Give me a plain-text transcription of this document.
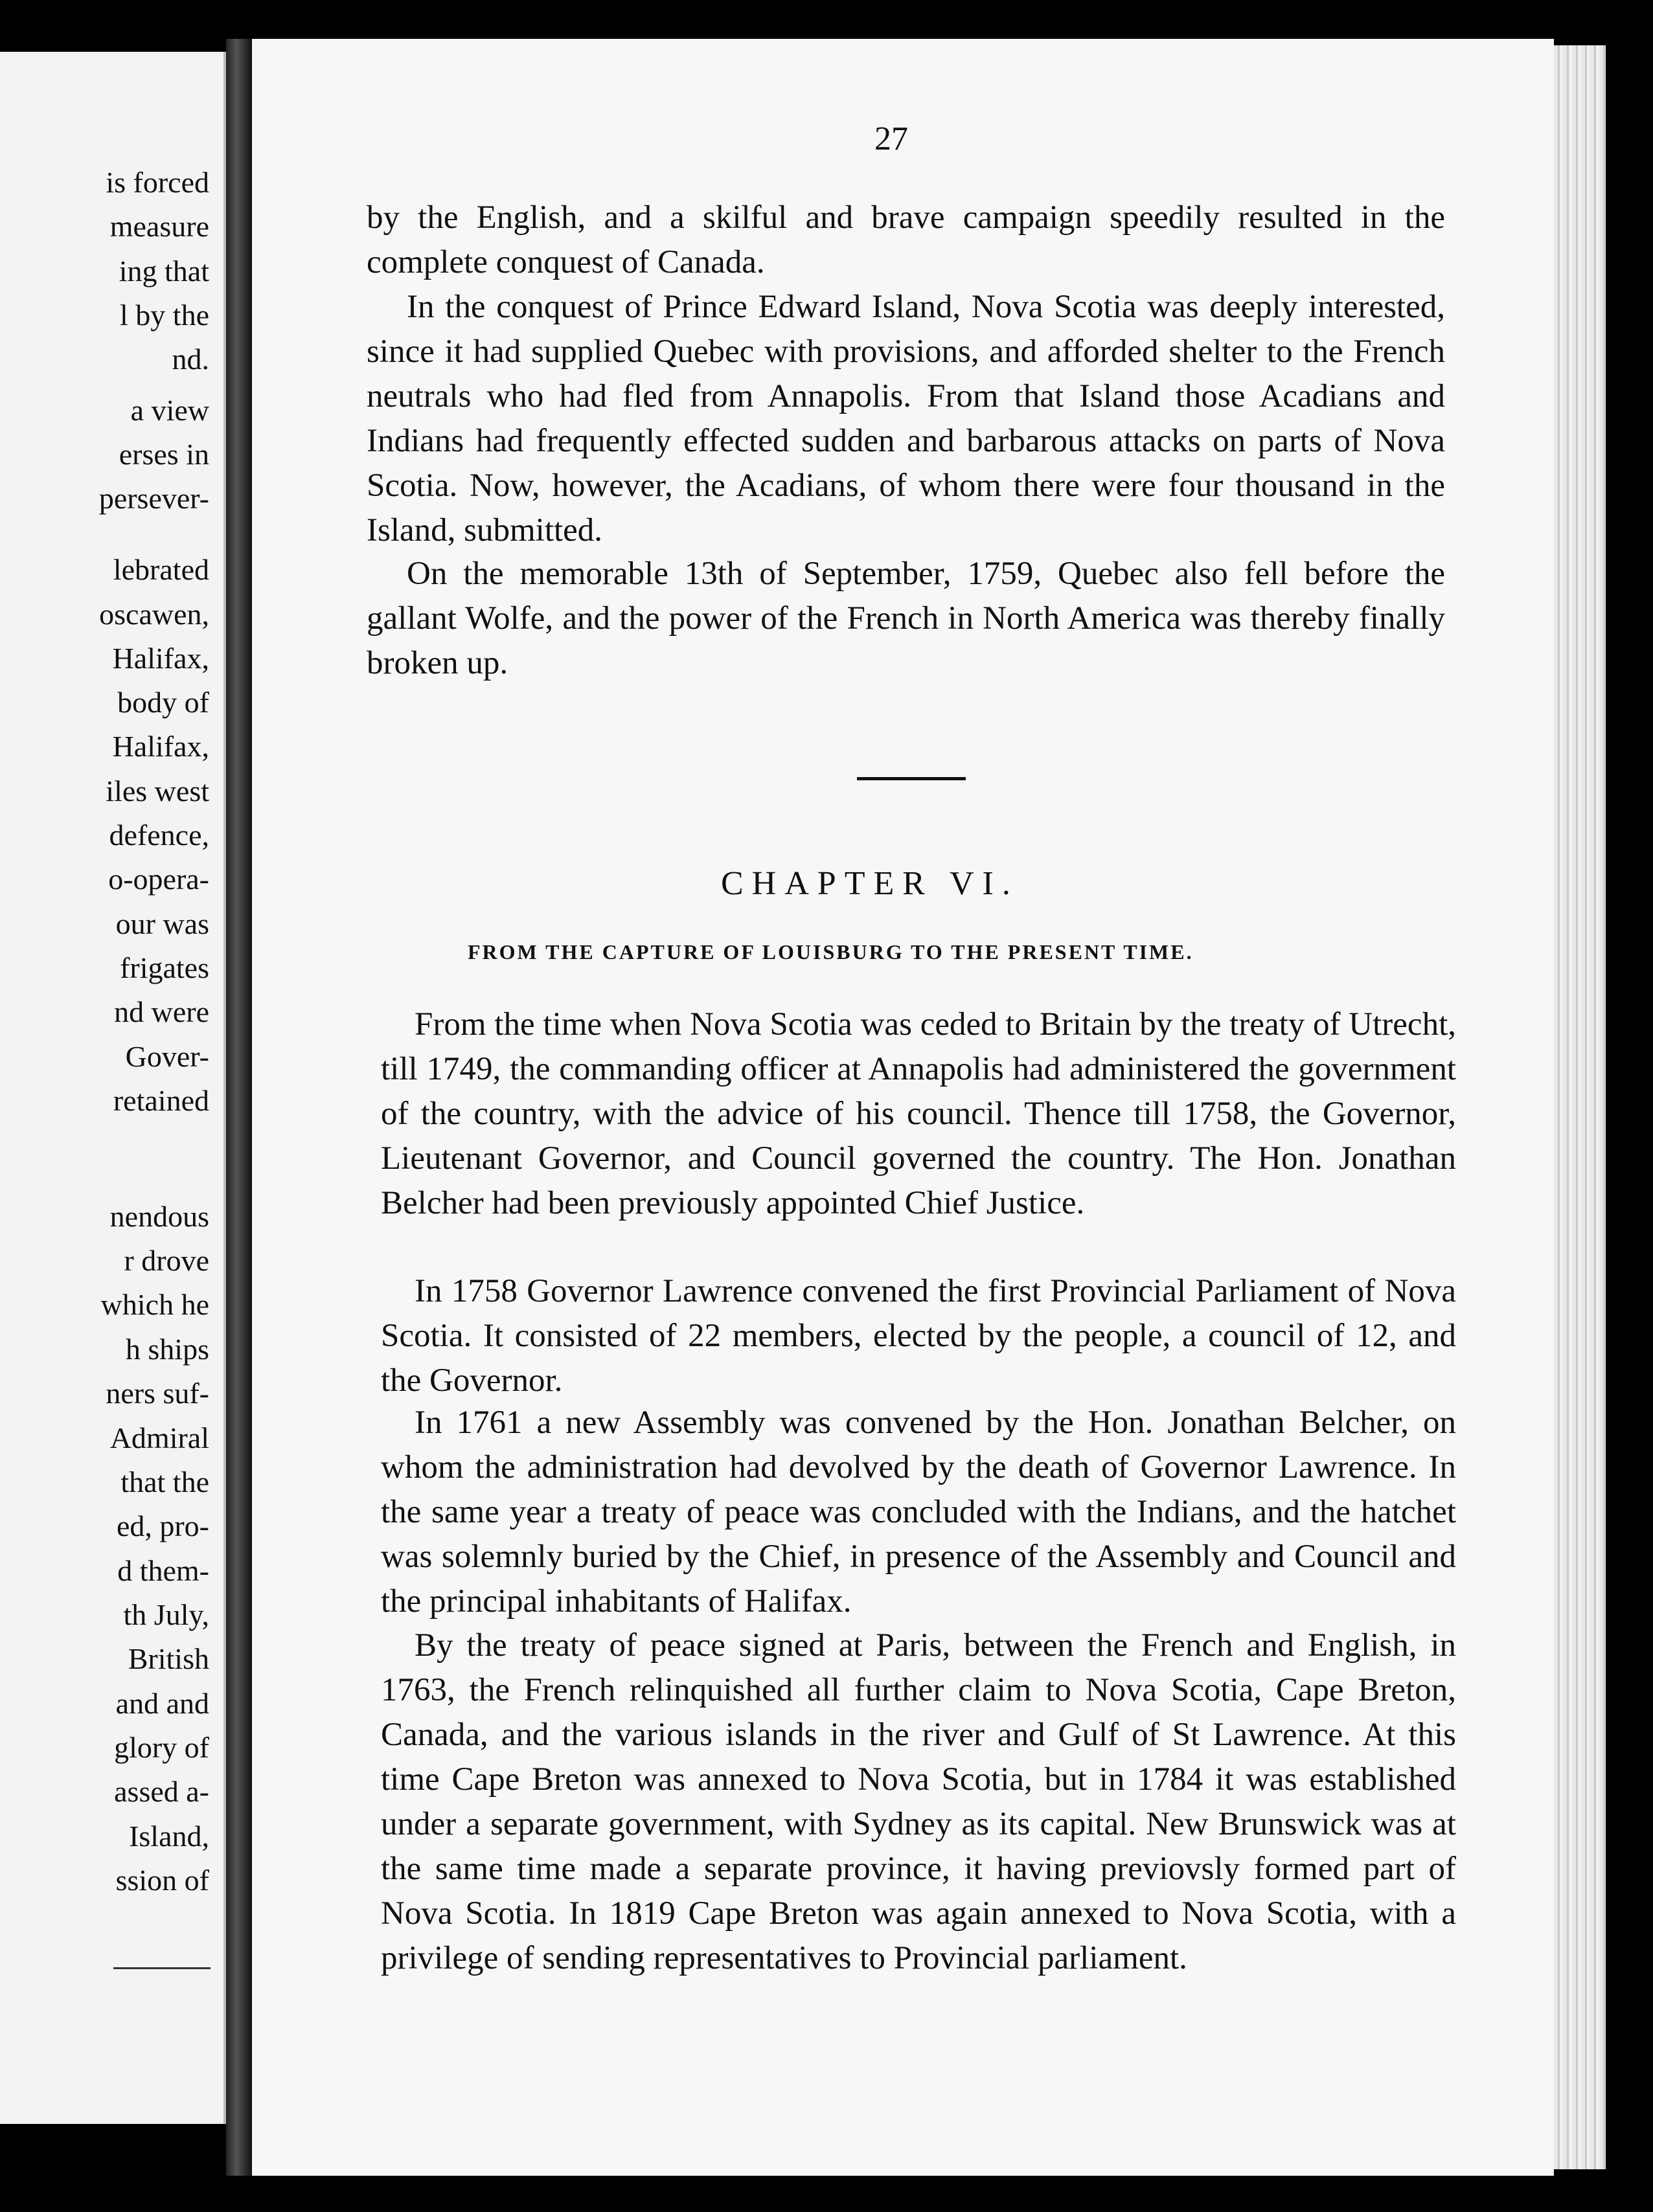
is forced
measure
ing that
l by the
nd.
a view
erses in
persever-
lebrated
oscawen,
Halifax,
body of
Halifax,
iles west
defence,
o-opera-
our was
frigates
nd were
Gover-
retained
nendous
r drove
which he
h ships
ners suf-
Admiral
that the
ed, pro-
d them-
th July,
British
and and
glory of
assed a-
Island,
ssion of
27
by the English, and a skilful and brave campaign speedily resulted in the complete conquest of Canada.
In the conquest of Prince Edward Island, Nova Scotia was deeply interested, since it had supplied Quebec with provisions, and afforded shelter to the French neutrals who had fled from Annapolis. From that Island those Acadians and Indians had frequently effected sudden and barbarous attacks on parts of Nova Scotia. Now, however, the Acadians, of whom there were four thousand in the Island, submitted.
On the memorable 13th of September, 1759, Quebec also fell before the gallant Wolfe, and the power of the French in North America was thereby finally broken up.
CHAPTER VI.
FROM THE CAPTURE OF LOUISBURG TO THE PRESENT TIME.
From the time when Nova Scotia was ceded to Britain by the treaty of Utrecht, till 1749, the commanding officer at Annapolis had administered the government of the country, with the advice of his council. Thence till 1758, the Governor, Lieutenant Governor, and Council governed the country. The Hon. Jonathan Belcher had been previously appointed Chief Justice.
In 1758 Governor Lawrence convened the first Provincial Parliament of Nova Scotia. It consisted of 22 members, elected by the people, a council of 12, and the Governor.
In 1761 a new Assembly was convened by the Hon. Jonathan Belcher, on whom the administration had devolved by the death of Governor Lawrence. In the same year a treaty of peace was concluded with the Indians, and the hatchet was solemnly buried by the Chief, in presence of the Assembly and Council and the principal inhabitants of Halifax.
By the treaty of peace signed at Paris, between the French and English, in 1763, the French relinquished all further claim to Nova Scotia, Cape Breton, Canada, and the various islands in the river and Gulf of St Lawrence. At this time Cape Breton was annexed to Nova Scotia, but in 1784 it was established under a separate government, with Sydney as its capital. New Brunswick was at the same time made a separate province, it having previovsly formed part of Nova Scotia. In 1819 Cape Breton was again annexed to Nova Scotia, with a privilege of sending representatives to Provincial parliament.
